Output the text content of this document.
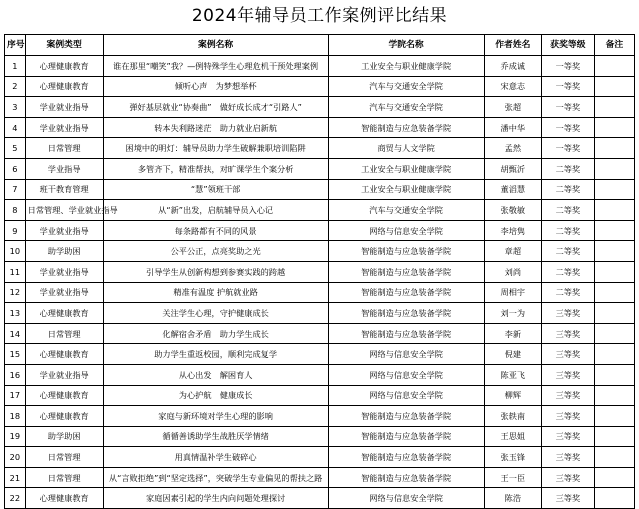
2024年辅导员工作案例评比结果
序号	案例类型	案例名称	学院名称	作者姓名	获奖等级	备注
1	心理健康教育	谁在那里“嘲笑”我？—例特殊学生心理危机干预处理案例	工业安全与职业健康学院	乔成诚	一等奖	
2	心理健康教育	倾听心声　为梦想举杯	汽车与交通安全学院	宋意志	一等奖	
3	学业就业指导	弹好基层就业“协奏曲”　做好成长成才“引路人”	汽车与交通安全学院	张超	一等奖	
4	学业就业指导	转本失利路迷茫　助力就业启新航	智能制造与应急装备学院	潘中华	一等奖	
5	日常管理	困境中的明灯：辅导员助力学生破解兼职培训陷阱	商贸与人文学院	孟然	一等奖	
6	学业指导	多管齐下，精准帮扶，对旷课学生个案分析	工业安全与职业健康学院	胡甄沂	二等奖	
7	班干教育管理	“慧”领班干部	工业安全与职业健康学院	董滔慧	二等奖	
8	日常管理、学业就业指导	从“新”出发，启航辅导员入心记	汽车与交通安全学院	张敬敏	二等奖	
9	学业就业指导	每条路都有不同的风景	网络与信息安全学院	李培隽	二等奖	
10	助学助困	公平公正，点亮奖助之光	智能制造与应急装备学院	章超	二等奖	
11	学业就业指导	引导学生从创新构想到参赛实践的跨越	智能制造与应急装备学院	刘尚	二等奖	
12	学业就业指导	精准有温度 护航就业路	智能制造与应急装备学院	周相宇	二等奖	
13	心理健康教育	关注学生心理，守护健康成长	智能制造与应急装备学院	刘一为	三等奖	
14	日常管理	化解宿舍矛盾　助力学生成长	智能制造与应急装备学院	李新	三等奖	
15	心理健康教育	助力学生重返校园，顺利完成复学	网络与信息安全学院	倪建	三等奖	
16	学业就业指导	从心出发　解困育人	网络与信息安全学院	陈亚飞	三等奖	
17	心理健康教育	为心护航　健康成长	网络与信息安全学院	柳辉	三等奖	
18	心理健康教育	家庭与新环境对学生心理的影响	智能制造与应急装备学院	张轶南	三等奖	
19	助学助困	循循善诱助学生战胜厌学情绪	智能制造与应急装备学院	王思姐	三等奖	
20	日常管理	用真情温补学生破碎心	智能制造与应急装备学院	张玉锋	三等奖	
21	日常管理	从“言败拒绝”到“坚定选择”，突破学生专业偏见的帮扶之路	智能制造与应急装备学院	王一臣	三等奖	
22	心理健康教育	家庭因素引起的学生内向问题处理探讨	网络与信息安全学院	陈浩	三等奖	
